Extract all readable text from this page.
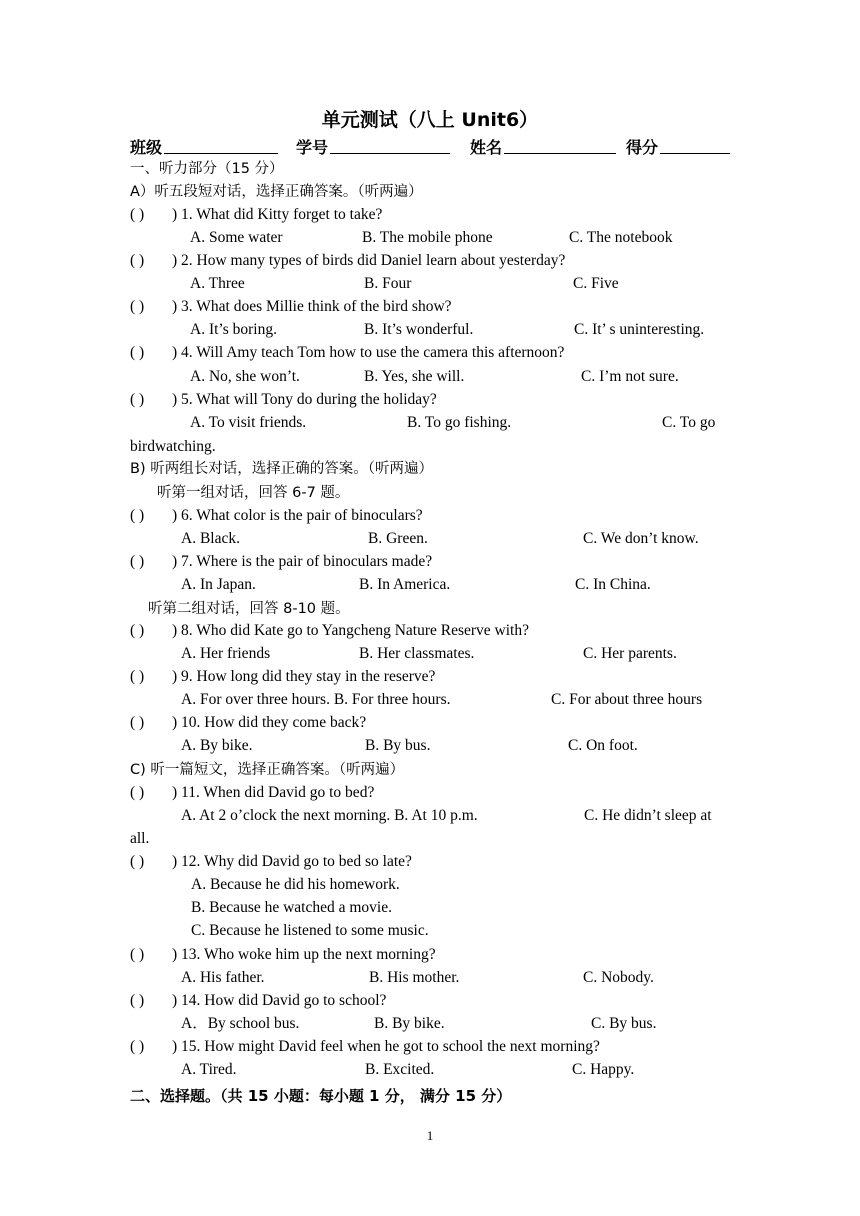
单元测试（八上 Unit6）
班级	学号	姓名	得分
一、听力部分（15 分）
A）听五段短对话，选择正确答案。（听两遍）
( ) ) 1. What did Kitty forget to take?
A. Some water	B. The mobile phone	C. The notebook
( ) ) 2. How many types of birds did Daniel learn about yesterday?
A. Three	B. Four	C. Five
( ) ) 3. What does Millie think of the bird show?
A. It’s boring.	B. It’s wonderful.	C. It’ s uninteresting.
( ) ) 4. Will Amy teach Tom how to use the camera this afternoon?
A. No, she won’t.	B. Yes, she will.	C. I’m not sure.
( ) ) 5. What will Tony do during the holiday?
A. To visit friends.	B. To go fishing.	C. To go
birdwatching.
B) 听两组长对话，选择正确的答案。（听两遍）
听第一组对话，回答 6-7 题。
( ) ) 6. What color is the pair of binoculars?
A. Black.	B. Green.	C. We don’t know.
( ) ) 7. Where is the pair of binoculars made?
A. In Japan.	B. In America.	C. In China.
听第二组对话，回答 8-10 题。
( ) ) 8. Who did Kate go to Yangcheng Nature Reserve with?
A. Her friends	B. Her classmates.	C. Her parents.
( ) ) 9. How long did they stay in the reserve?
A. For over three hours. B. For three hours.	C. For about three hours
( ) ) 10. How did they come back?
A. By bike.	B. By bus.	C. On foot.
C) 听一篇短文，选择正确答案。（听两遍）
( ) ) 11. When did David go to bed?
A. At 2 o’clock the next morning. B. At 10 p.m.	C. He didn’t sleep at
all.
( ) ) 12. Why did David go to bed so late?
A. Because he did his homework.
B. Because he watched a movie.
C. Because he listened to some music.
( ) ) 13. Who woke him up the next morning?
A. His father.	B. His mother.	C. Nobody.
( ) ) 14. How did David go to school?
A．By school bus.	B. By bike.	C. By bus.
( ) ) 15. How might David feel when he got to school the next morning?
A. Tired.	B. Excited.	C. Happy.
二、选择题。（共 15 小题：每小题 1 分， 满分 15 分）
1
